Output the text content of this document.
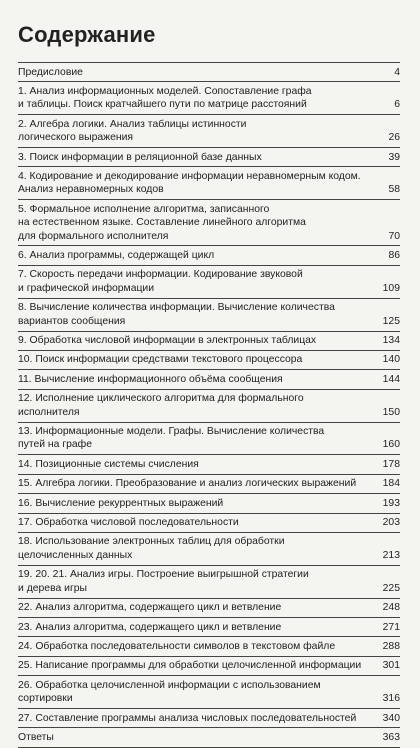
Содержание
Предисловие	4
1. Анализ информационных моделей. Сопоставление графа
и таблицы. Поиск кратчайшего пути по матрице расстояний	6
2. Алгебра логики. Анализ таблицы истинности
логического выражения	26
3. Поиск информации в реляционной базе данных	39
4. Кодирование и декодирование информации неравномерным кодом.
Анализ неравномерных кодов	58
5. Формальное исполнение алгоритма, записанного
на естественном языке. Составление линейного алгоритма
для формального исполнителя	70
6. Анализ программы, содержащей цикл	86
7. Скорость передачи информации. Кодирование звуковой
и графической информации	109
8. Вычисление количества информации. Вычисление количества
вариантов сообщения	125
9. Обработка числовой информации в электронных таблицах	134
10. Поиск информации средствами текстового процессора	140
11. Вычисление информационного объёма сообщения	144
12. Исполнение циклического алгоритма для формального
исполнителя	150
13. Информационные модели. Графы. Вычисление количества
путей на графе	160
14. Позиционные системы счисления	178
15. Алгебра логики. Преобразование и анализ логических выражений	184
16. Вычисление рекуррентных выражений	193
17. Обработка числовой последовательности	203
18. Использование электронных таблиц для обработки
целочисленных данных	213
19. 20. 21. Анализ игры. Построение выигрышной стратегии
и дерева игры	225
22. Анализ алгоритма, содержащего цикл и ветвление	248
23. Анализ алгоритма, содержащего цикл и ветвление	271
24. Обработка последовательности символов в текстовом файле	288
25. Написание программы для обработки целочисленной информации	301
26. Обработка целочисленной информации с использованием
сортировки	316
27. Составление программы анализа числовых последовательностей	340
Ответы	363
